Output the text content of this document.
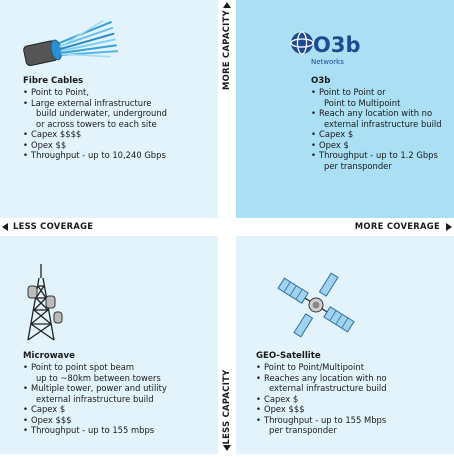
MORE CAPACITY
LESS CAPACITY
LESS COVERAGE	MORE COVERAGE
Fibre Cables
• Point to Point,
• Large external infrastructure
build underwater, underground
or across towers to each site
• Capex $$$$
• Opex $$
• Throughput - up to 10,240 Gbps
O3b
Networks
O3b
• Point to Point or
Point to Multipoint
• Reach any location with no
external infrastructure build
• Capex $
• Opex $
• Throughput - up to 1.2 Gbps
per transponder
Microwave
• Point to point spot beam
up to ~80km between towers
• Multiple tower, power and utility
external infrastructure build
• Capex $
• Opex $$$
• Throughput - up to 155 mbps
GEO-Satellite
• Point to Point/Multipoint
• Reaches any location with no
external infrastructure build
• Capex $
• Opex $$$
• Throughput - up to 155 Mbps
per transponder
